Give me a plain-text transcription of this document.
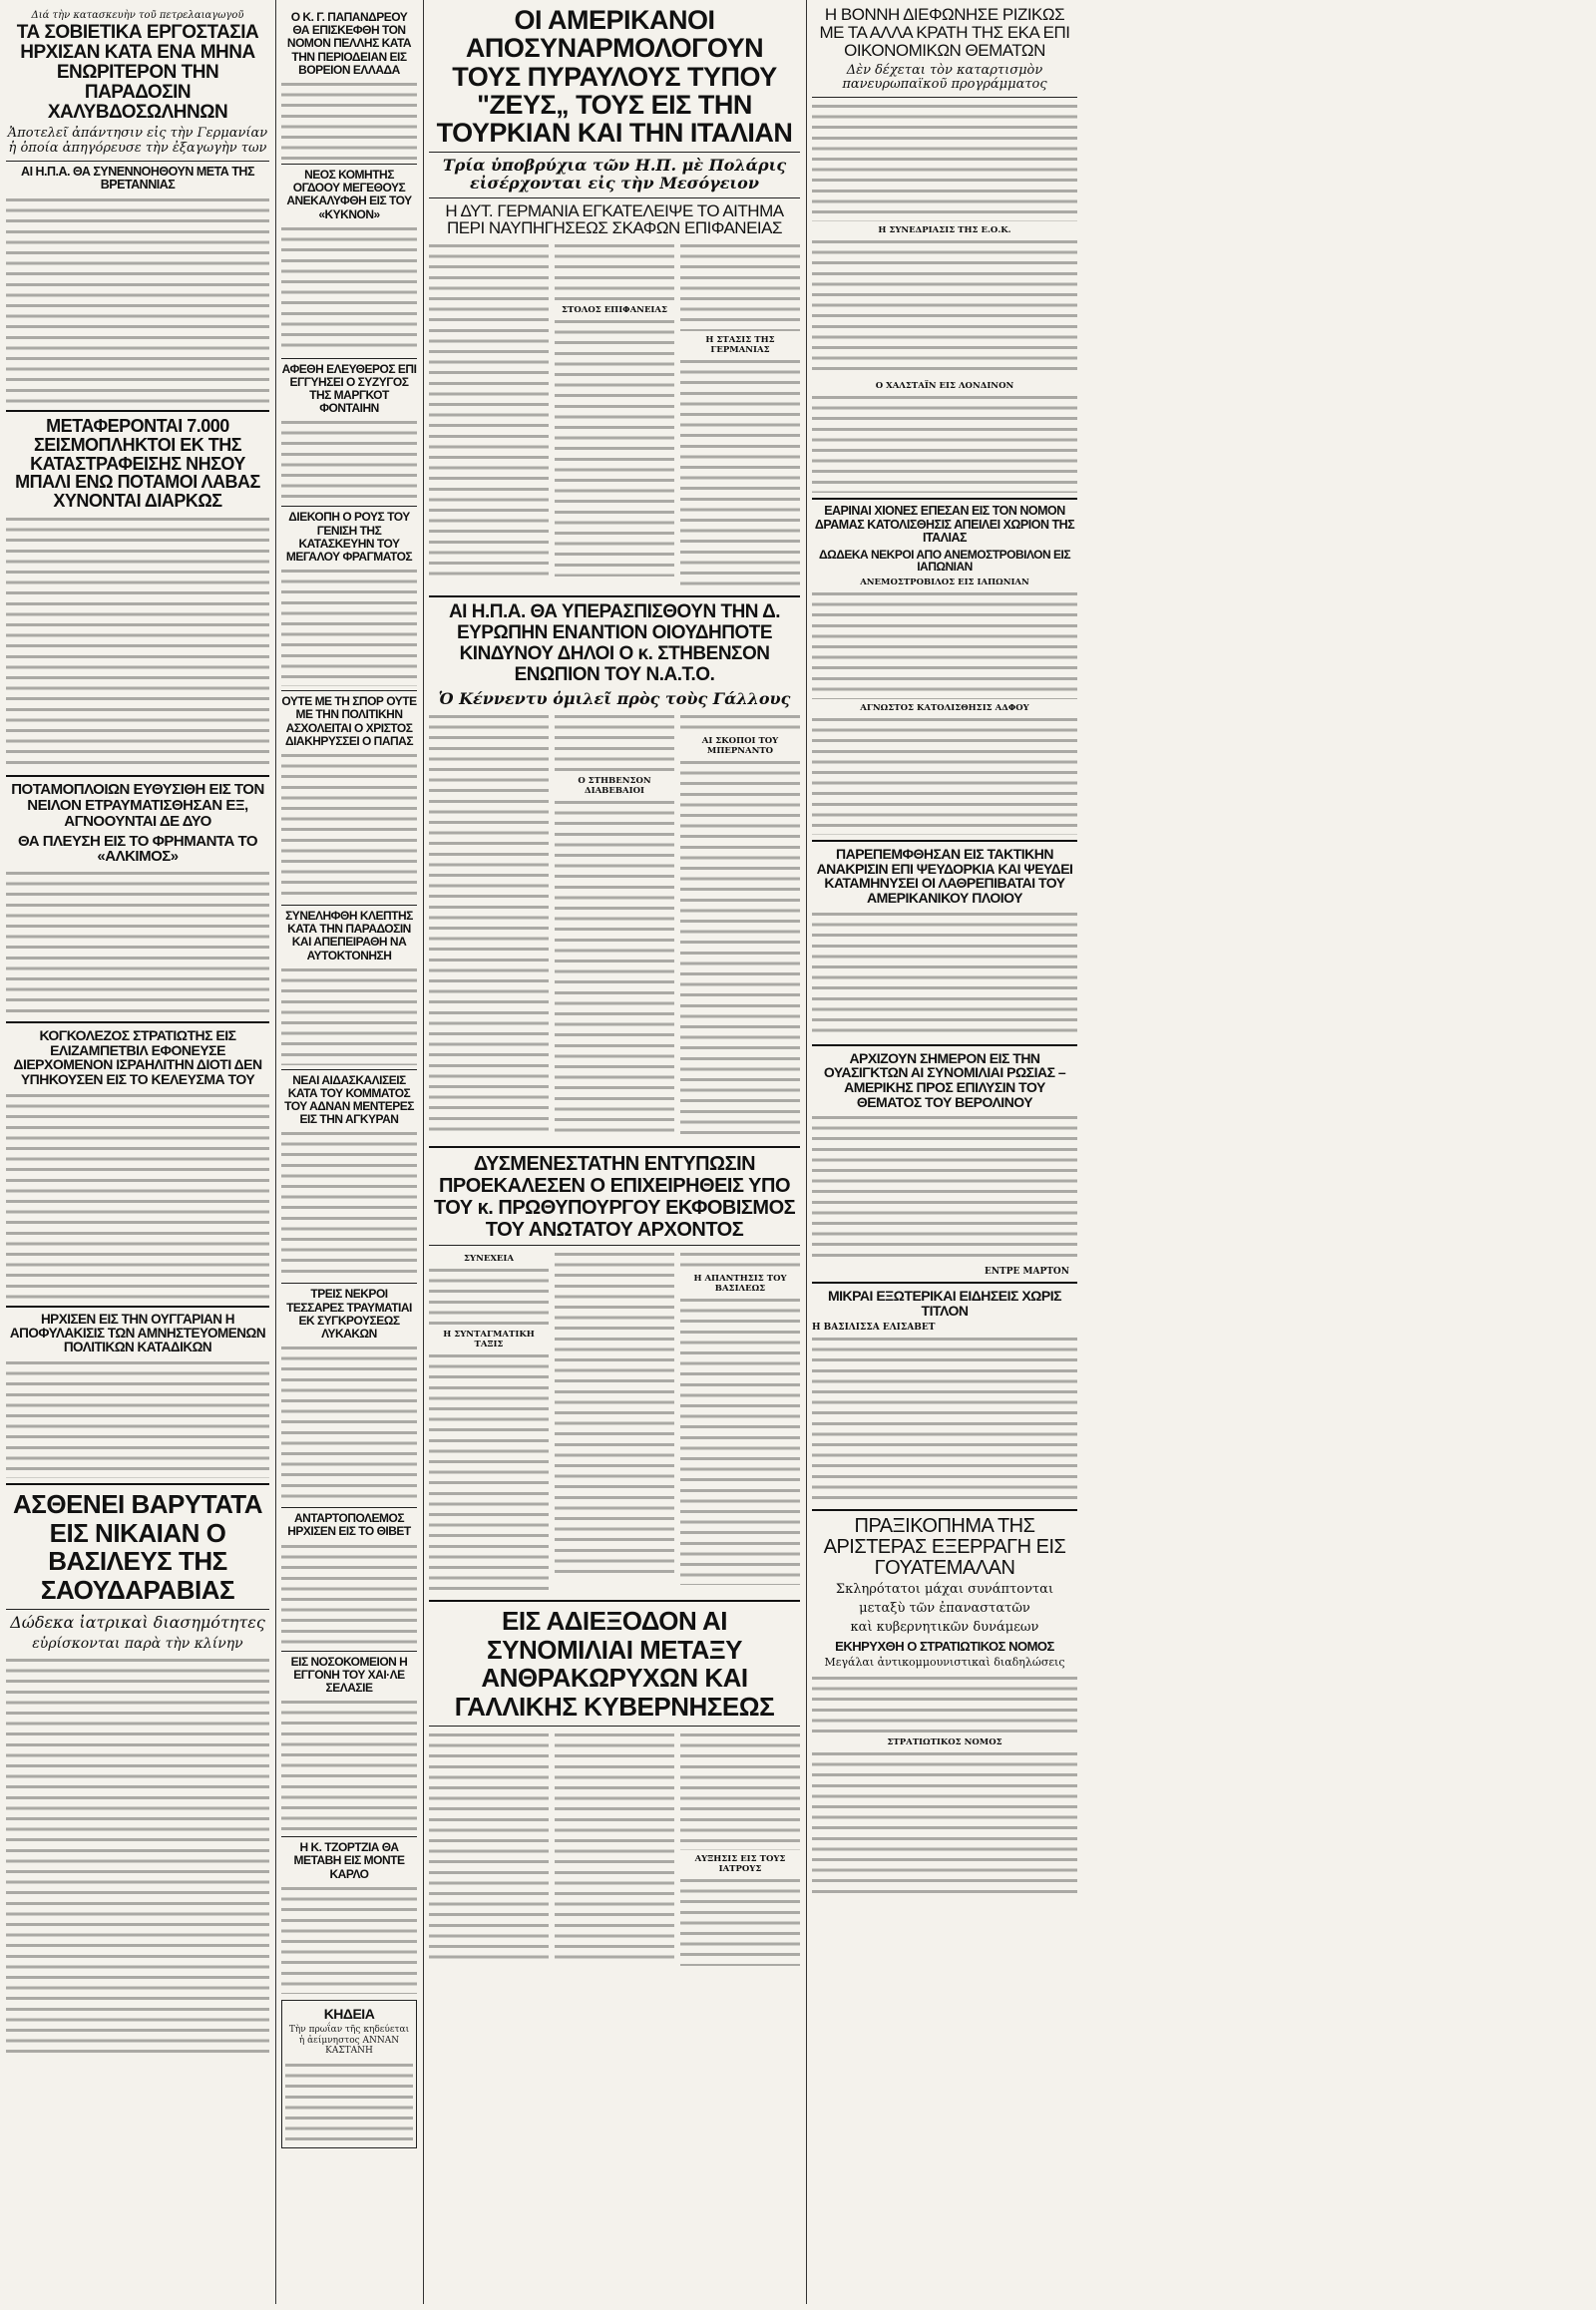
Διά τὴν κατασκευὴν τοῦ πετρελαιαγωγοῦ
ΤΑ ΣΟΒΙΕΤΙΚΑ ΕΡΓΟΣΤΑΣΙΑ ΗΡΧΙΣΑΝ ΚΑΤΑ ΕΝΑ ΜΗΝΑ ΕΝΩΡΙΤΕΡΟΝ ΤΗΝ ΠΑΡΑΔΟΣΙΝ ΧΑΛΥΒΔΟΣΩΛΗΝΩΝ
Ἀποτελεῖ ἀπάντησιν εἰς τὴν Γερμανίαν ἡ ὁποία ἀπηγόρευσε τὴν ἐξαγωγὴν των
ΑΙ Η.Π.Α. ΘΑ ΣΥΝΕΝΝΟΗΘΟΥΝ ΜΕΤΑ ΤΗΣ ΒΡΕΤΑΝΝΙΑΣ
ΜΕΤΑΦΕΡΟΝΤΑΙ 7.000 ΣΕΙΣΜΟΠΛΗΚΤΟΙ ΕΚ ΤΗΣ ΚΑΤΑΣΤΡΑΦΕΙΣΗΣ ΝΗΣΟΥ ΜΠΑΛΙ ΕΝΩ ΠΟΤΑΜΟΙ ΛΑΒΑΣ ΧΥΝΟΝΤΑΙ ΔΙΑΡΚΩΣ
ΠΟΤΑΜΟΠΛΟΙΩΝ ΕΥΘΥΣΙΘΗ ΕΙΣ ΤΟΝ ΝΕΙΛΟΝ ΕΤΡΑΥΜΑΤΙΣΘΗΣΑΝ ΕΞ, ΑΓΝΟΟΥΝΤΑΙ ΔΕ ΔΥΟ
ΘΑ ΠΛΕΥΣΗ ΕΙΣ ΤΟ ΦΡΗΜΑΝΤΑ ΤΟ «ΑΛΚΙΜΟΣ»
ΚΟΓΚΟΛΕΖΟΣ ΣΤΡΑΤΙΩΤΗΣ ΕΙΣ ΕΛΙΖΑΜΠΕΤΒΙΛ ΕΦΟΝΕΥΣΕ ΔΙΕΡΧΟΜΕΝΟΝ ΙΣΡΑΗΛΙΤΗΝ ΔΙΟΤΙ ΔΕΝ ΥΠΗΚΟΥΣΕΝ ΕΙΣ ΤΟ ΚΕΛΕΥΣΜΑ ΤΟΥ
ΗΡΧΙΣΕΝ ΕΙΣ ΤΗΝ ΟΥΓΓΑΡΙΑΝ Η ΑΠΟΦΥΛΑΚΙΣΙΣ ΤΩΝ ΑΜΝΗΣΤΕΥΟΜΕΝΩΝ ΠΟΛΙΤΙΚΩΝ ΚΑΤΑΔΙΚΩΝ
ΑΣΘΕΝΕΙ ΒΑΡΥΤΑΤΑ ΕΙΣ ΝΙΚΑΙΑΝ Ο ΒΑΣΙΛΕΥΣ ΤΗΣ ΣΑΟΥΔΑΡΑΒΙΑΣ
Δώδεκα ἰατρικαὶ διασημότητες
εὑρίσκονται παρὰ τὴν κλίνην
Ο Κ. Γ. ΠΑΠΑΝΔΡΕΟΥ ΘΑ ΕΠΙΣΚΕΦΘΗ ΤΟΝ ΝΟΜΟΝ ΠΕΛΛΗΣ ΚΑΤΑ ΤΗΝ ΠΕΡΙΟΔΕΙΑΝ ΕΙΣ ΒΟΡΕΙΟΝ ΕΛΛΑΔΑ
ΝΕΟΣ ΚΟΜΗΤΗΣ ΟΓΔΟΟΥ ΜΕΓΕΘΟΥΣ ΑΝΕΚΑΛΥΦΘΗ ΕΙΣ ΤΟΥ «ΚΥΚΝΟΝ»
ΑΦΕΘΗ ΕΛΕΥΘΕΡΟΣ ΕΠΙ ΕΓΓΥΗΣΕΙ Ο ΣΥΖΥΓΟΣ ΤΗΣ ΜΑΡΓΚΟΤ ΦΟΝΤΑΙΗΝ
ΔΙΕΚΟΠΗ Ο ΡΟΥΣ ΤΟΥ ΓΕΝΙΣΗ ΤΗΣ ΚΑΤΑΣΚΕΥΗΝ ΤΟΥ ΜΕΓΑΛΟΥ ΦΡΑΓΜΑΤΟΣ
ΟΥΤΕ ΜΕ ΤΗ ΣΠΟΡ ΟΥΤΕ ΜΕ ΤΗΝ ΠΟΛΙΤΙΚΗΝ ΑΣΧΟΛΕΙΤΑΙ Ο ΧΡΙΣΤΟΣ ΔΙΑΚΗΡΥΣΣΕΙ Ο ΠΑΠΑΣ
ΣΥΝΕΛΗΦΘΗ ΚΛΕΠΤΗΣ ΚΑΤΑ ΤΗΝ ΠΑΡΑΔΟΣΙΝ ΚΑΙ ΑΠΕΠΕΙΡΑΘΗ ΝΑ ΑΥΤΟΚΤΟΝΗΣΗ
ΝΕΑΙ ΑΙΔΑΣΚΑΛΙΣΕΙΣ ΚΑΤΑ ΤΟΥ ΚΟΜΜΑΤΟΣ ΤΟΥ ΑΔΝΑΝ ΜΕΝΤΕΡΕΣ ΕΙΣ ΤΗΝ ΑΓΚΥΡΑΝ
ΤΡΕΙΣ ΝΕΚΡΟΙ ΤΕΣΣΑΡΕΣ ΤΡΑΥΜΑΤΙΑΙ ΕΚ ΣΥΓΚΡΟΥΣΕΩΣ ΛΥΚΑΚΩΝ
ΑΝΤΑΡΤΟΠΟΛΕΜΟΣ ΗΡΧΙΣΕΝ ΕΙΣ ΤΟ ΘΙΒΕΤ
ΕΙΣ ΝΟΣΟΚΟΜΕΙΟΝ Η ΕΓΓΟΝΗ ΤΟΥ ΧΑΙ·ΛΕ ΣΕΛΑΣΙΕ
Η Κ. ΤΖΟΡΤΖΙΑ ΘΑ ΜΕΤΑΒΗ ΕΙΣ ΜΟΝΤΕ ΚΑΡΛΟ
ΚΗΔΕΙΑ
Τὴν πρωΐαν τῆς κηδεύεται ἡ ἀείμνηστος ΑΝΝΑΝ ΚΑΣΤΑΝΗ
ΟΙ ΑΜΕΡΙΚΑΝΟΙ ΑΠΟΣΥΝΑΡΜΟΛΟΓΟΥΝ ΤΟΥΣ ΠΥΡΑΥΛΟΥΣ ΤΥΠΟΥ "ΖΕΥΣ„ ΤΟΥΣ ΕΙΣ ΤΗΝ ΤΟΥΡΚΙΑΝ ΚΑΙ ΤΗΝ ΙΤΑΛΙΑΝ
Τρία ὑποβρύχια τῶν Η.Π. μὲ Πολάρις εἰσέρχονται εἰς τὴν Μεσόγειον
Η ΔΥΤ. ΓΕΡΜΑΝΙΑ ΕΓΚΑΤΕΛΕΙΨΕ ΤΟ ΑΙΤΗΜΑ ΠΕΡΙ ΝΑΥΠΗΓΗΣΕΩΣ ΣΚΑΦΩΝ ΕΠΙΦΑΝΕΙΑΣ
ΣΤΟΛΟΣ ΕΠΙΦΑΝΕΙΑΣ
Η ΣΤΑΣΙΣ ΤΗΣ ΓΕΡΜΑΝΙΑΣ
ΑΙ Η.Π.Α. ΘΑ ΥΠΕΡΑΣΠΙΣΘΟΥΝ ΤΗΝ Δ. ΕΥΡΩΠΗΝ ΕΝΑΝΤΙΟΝ ΟΙΟΥΔΗΠΟΤΕ ΚΙΝΔΥΝΟΥ ΔΗΛΟΙ Ο κ. ΣΤΗΒΕΝΣΟΝ ΕΝΩΠΙΟΝ ΤΟΥ Ν.Α.Τ.Ο.
Ὁ Κέννεντυ ὁμιλεῖ πρὸς τοὺς Γάλλους
Ο ΣΤΗΒΕΝΣΟΝ ΔΙΑΒΕΒΑΙΟΙ
ΑΙ ΣΚΟΠΟΙ ΤΟΥ ΜΠΕΡΝΑΝΤΟ
ΔΥΣΜΕΝΕΣΤΑΤΗΝ ΕΝΤΥΠΩΣΙΝ ΠΡΟΕΚΑΛΕΣΕΝ Ο ΕΠΙΧΕΙΡΗΘΕΙΣ ΥΠΟ ΤΟΥ κ. ΠΡΩΘΥΠΟΥΡΓΟΥ ΕΚΦΟΒΙΣΜΟΣ ΤΟΥ ΑΝΩΤΑΤΟΥ ΑΡΧΟΝΤΟΣ
ΣΥΝΕΧΕΙΑ
Η ΣΥΝΤΑΓΜΑΤΙΚΗ ΤΑΞΙΣ
Η ΑΠΑΝΤΗΣΙΣ ΤΟΥ ΒΑΣΙΛΕΩΣ
ΕΙΣ ΑΔΙΕΞΟΔΟΝ ΑΙ ΣΥΝΟΜΙΛΙΑΙ ΜΕΤΑΞΥ ΑΝΘΡΑΚΩΡΥΧΩΝ ΚΑΙ ΓΑΛΛΙΚΗΣ ΚΥΒΕΡΝΗΣΕΩΣ
ΑΥΞΗΣΙΣ ΕΙΣ ΤΟΥΣ ΙΑΤΡΟΥΣ
Η ΒΟΝΝΗ ΔΙΕΦΩΝΗΣΕ ΡΙΖΙΚΩΣ ΜΕ ΤΑ ΑΛΛΑ ΚΡΑΤΗ ΤΗΣ ΕΚΑ ΕΠΙ ΟΙΚΟΝΟΜΙΚΩΝ ΘΕΜΑΤΩΝ
Δὲν δέχεται τὸν καταρτισμὸν πανευρωπαϊκοῦ προγράμματος
Η ΣΥΝΕΔΡΙΑΣΙΣ ΤΗΣ Ε.Ο.Κ.
Ο ΧΑΛΣΤΑΪΝ ΕΙΣ ΛΟΝΔΙΝΟΝ
ΕΑΡΙΝΑΙ ΧΙΟΝΕΣ ΕΠΕΣΑΝ ΕΙΣ ΤΟΝ ΝΟΜΟΝ ΔΡΑΜΑΣ ΚΑΤΟΛΙΣΘΗΣΙΣ ΑΠΕΙΛΕΙ ΧΩΡΙΟΝ ΤΗΣ ΙΤΑΛΙΑΣ
ΔΩΔΕΚΑ ΝΕΚΡΟΙ ΑΠΟ ΑΝΕΜΟΣΤΡΟΒΙΛΟΝ ΕΙΣ ΙΑΠΩΝΙΑΝ
ΑΝΕΜΟΣΤΡΟΒΙΛΟΣ ΕΙΣ ΙΑΠΩΝΙΑΝ
ΑΓΝΩΣΤΟΣ ΚΑΤΟΛΙΣΘΗΣΙΣ ΑΔΦΟΥ
ΠΑΡΕΠΕΜΦΘΗΣΑΝ ΕΙΣ ΤΑΚΤΙΚΗΝ ΑΝΑΚΡΙΣΙΝ ΕΠΙ ΨΕΥΔΟΡΚΙΑ ΚΑΙ ΨΕΥΔΕΙ ΚΑΤΑΜΗΝΥΣΕΙ ΟΙ ΛΑΘΡΕΠΙΒΑΤΑΙ ΤΟΥ ΑΜΕΡΙΚΑΝΙΚΟΥ ΠΛΟΙΟΥ
ΑΡΧΙΖΟΥΝ ΣΗΜΕΡΟΝ ΕΙΣ ΤΗΝ ΟΥΑΣΙΓΚΤΩΝ ΑΙ ΣΥΝΟΜΙΛΙΑΙ ΡΩΣΙΑΣ – ΑΜΕΡΙΚΗΣ ΠΡΟΣ ΕΠΙΛΥΣΙΝ ΤΟΥ ΘΕΜΑΤΟΣ ΤΟΥ ΒΕΡΟΛΙΝΟΥ
ΕΝΤΡΕ ΜΑΡΤΟΝ
ΜΙΚΡΑΙ ΕΞΩΤΕΡΙΚΑΙ ΕΙΔΗΣΕΙΣ ΧΩΡΙΣ ΤΙΤΛΟΝ
Η ΒΑΣΙΛΙΣΣΑ ΕΛΙΣΑΒΕΤ
ΠΡΑΞΙΚΟΠΗΜΑ ΤΗΣ ΑΡΙΣΤΕΡΑΣ ΕΞΕΡΡΑΓΗ ΕΙΣ ΓΟΥΑΤΕΜΑΛΑΝ
Σκληρότατοι μάχαι συνάπτονται
μεταξὺ τῶν ἐπαναστατῶν
καὶ κυβερνητικῶν δυνάμεων
ΕΚΗΡΥΧΘΗ Ο ΣΤΡΑΤΙΩΤΙΚΟΣ ΝΟΜΟΣ
Μεγάλαι ἀντικομμουνιστικαὶ διαδηλώσεις
ΣΤΡΑΤΙΩΤΙΚΟΣ ΝΟΜΟΣ
